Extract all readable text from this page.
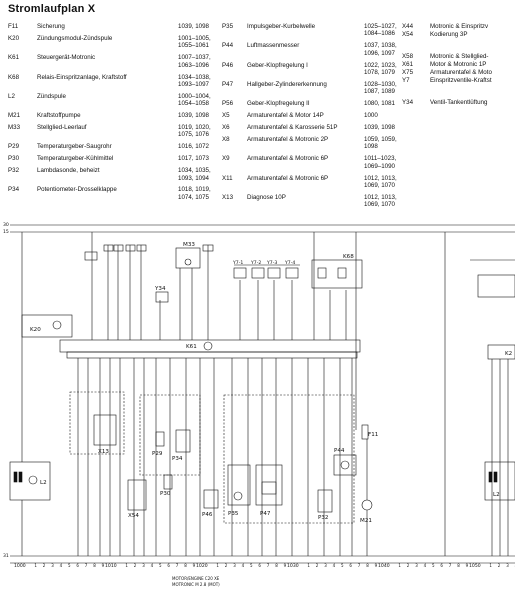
Stromlaufplan X
F11	Sicherung	1039, 1098
K20	Zündungsmodul-Zündspule	1001–1005,
1055–1061
K61	Steuergerät-Motronic	1007–1037,
1063–1096
K68	Relais-Einspritzanlage, Kraftstoff	1034–1038,
1093–1097
L2	Zündspule	1000–1004,
1054–1058
M21	Kraftstoffpumpe	1039, 1098
M33	Stellglied-Leerlauf	1019, 1020,
1075, 1076
P29	Temperaturgeber-Saugrohr	1016, 1072
P30	Temperaturgeber-Kühlmittel	1017, 1073
P32	Lambdasonde, beheizt	1034, 1035,
1093, 1094
P34	Potentiometer-Drosselklappe	1018, 1019,
1074, 1075
P35 Impulsgeber-Kurbelwelle	1025–1027,
1084–1086
P44 Luftmassenmesser	1037, 1038,
1096, 1097
P46 Geber-Klopfregelung I	1022, 1023,
1078, 1079
P47 Hallgeber-Zylindererkennung	1028–1030,
1087, 1089
P56 Geber-Klopfregelung II	1080, 1081
X5	Armaturentafel & Motor 14P	1000
X6	Armaturentafel & Karosserie 51P	1039, 1098
X8	Armaturentafel & Motronic 2P	1059, 1059,
1098
X9	Armaturentafel & Motronic 6P	1011–1023,
1069–1090
X11 Armaturentafel & Motronic 6P	1012, 1013,
1069, 1070
X13 Diagnose 10P	1012, 1013,
1069, 1070
X44	Motronic & Einspritzv
X54	Kodierung 3P
X58	Motronic & Stellglied-
X61	Motor & Motronic 1P
X75	Armaturentafel & Moto
Y7	Einspritzventile-Kraftst
Y34	Ventil-Tankentlüftung
K20
K61
L2
L2
M33
Y34
Y7-1 Y7-2 Y7-3 Y7-4
K68
X13
X54
P29
P30
P34
P35
P46	P47
P32
P44
F11
M21
K2
30
15
31
1000 1 2 3 4 5 6 7 8 9 1010 1 2 3 4 5 6 7 8 9 1020 1 2 3 4 5 6 7 8 9 1030 1 2 3 4 5 6 7 8 9 1040 1 2 3 4 5 6 7 8 9 1050 1 2 3
MOTOR/ENGINE C20 XE
MOTRONIC M 2.8 (MOT)
